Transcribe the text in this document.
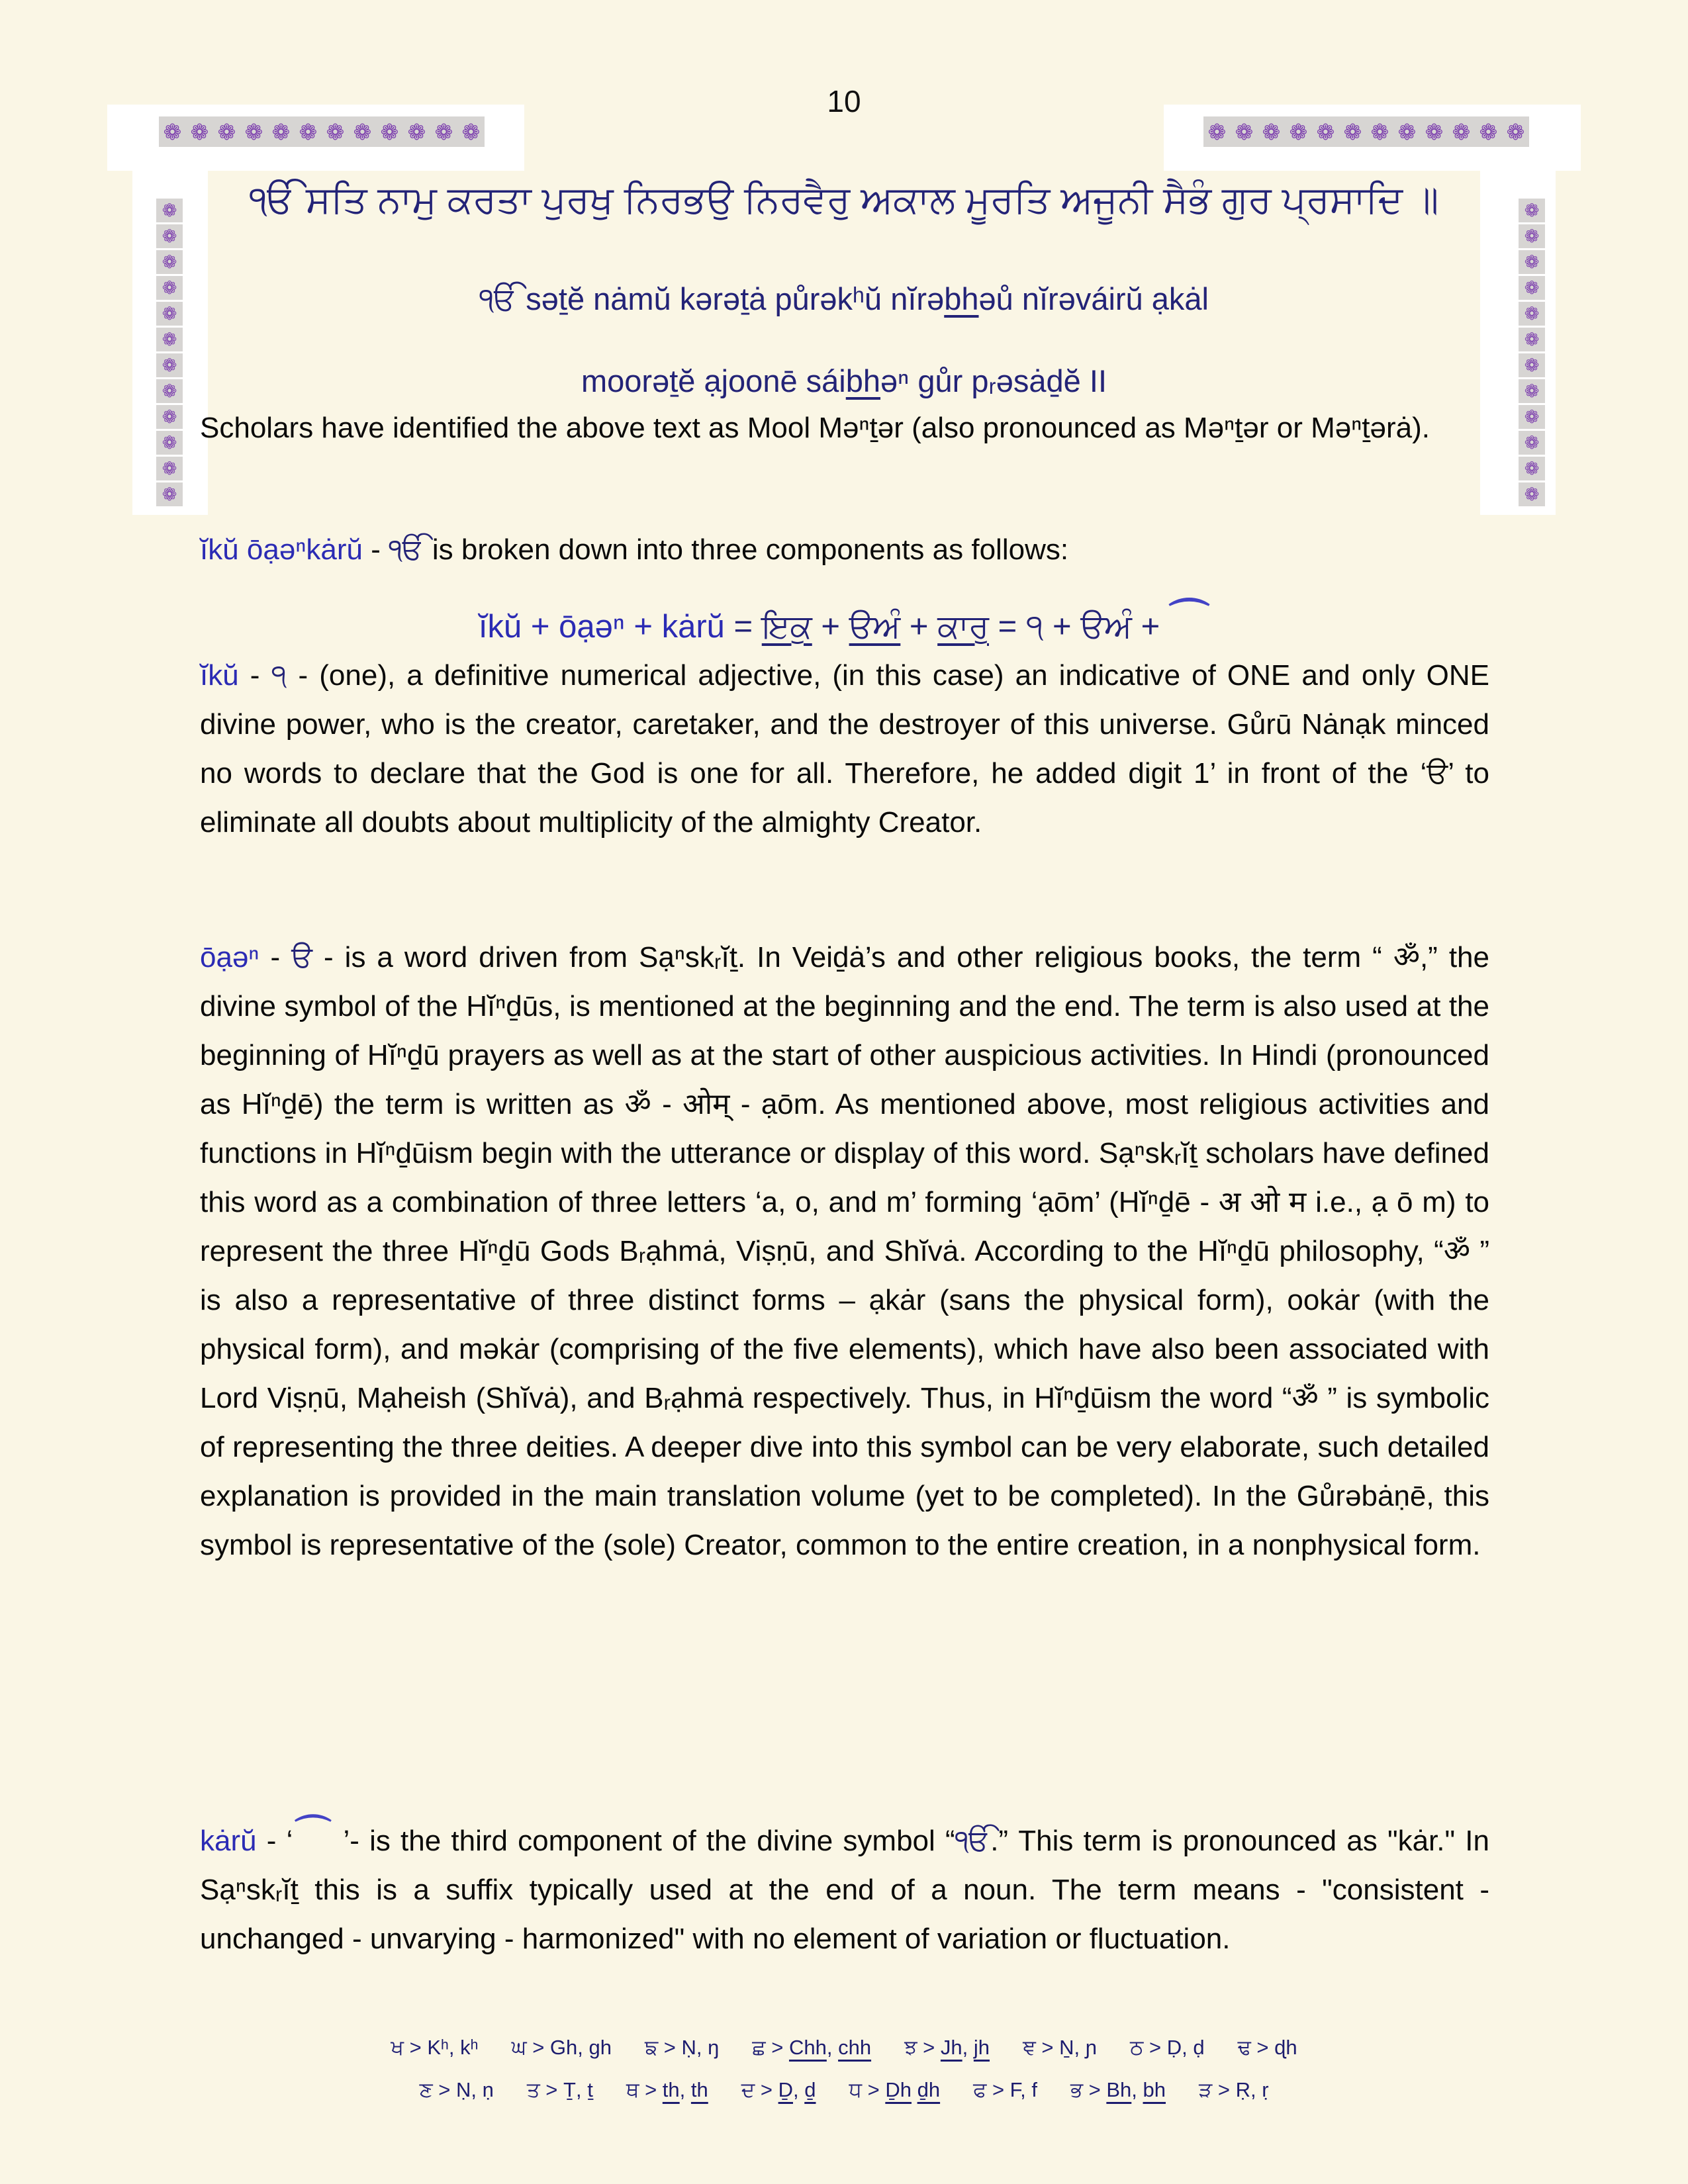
10
❁ ❁ ❁ ❁ ❁ ❁ ❁ ❁ ❁ ❁ ❁ ❁	❁ ❁ ❁ ❁ ❁ ❁ ❁ ❁ ❁ ❁ ❁ ❁
❁
❁
❁
❁
❁
❁
❁
❁
❁
❁
❁
❁
❁
❁
❁
❁
❁
❁
❁
❁
❁
❁
❁
❁
ੴ ਸਤਿ ਨਾਮੁ ਕਰਤਾ ਪੁਰਖੁ ਨਿਰਭਉ ਨਿਰਵੈਰੁ ਅਕਾਲ ਮੂਰਤਿ ਅਜੂਨੀ ਸੈਭੰ ਗੁਰ ਪ੍ਰਸਾਦਿ ॥
ੴ səṯĕ nȧmŭ kərəṯȧ půrəkʰŭ nĭrəbhəů nĭrəváirŭ ạkȧl
moorəṯĕ ạjoonē sáibhəⁿ gůr pᵣəsȧḏĕ II
Scholars have identified the above text as Mool Məⁿṯər (also pronounced as Məⁿṯər or Məⁿṯərȧ).
ĭkŭ ōạəⁿkȧrŭ - ੴ is broken down into three components as follows:
ĭkŭ + ōạəⁿ + kȧrŭ = ਇਕੁ + ੳਅੰ + ਕਾਰੁ = ੧ + ੳਅੰ + ⌒
ĭkŭ - ੧ - (one), a definitive numerical adjective, (in this case) an indicative of ONE and only ONE divine power, who is the creator, caretaker, and the destroyer of this universe. Gůrū Nȧnạk minced no words to declare that the God is one for all. Therefore, he added digit 1’ in front of the ‘ੳ’ to eliminate all doubts about multiplicity of the almighty Creator.
ōạəⁿ - ੳ - is a word driven from Sạⁿskᵣĭṯ. In Veiḏȧ’s and other religious books, the term “ ॐ,” the divine symbol of the Hĭⁿḏūs, is mentioned at the beginning and the end. The term is also used at the beginning of Hĭⁿḏū prayers as well as at the start of other auspicious activities. In Hindi (pronounced as Hĭⁿḏē) the term is written as ॐ - ओम् - ạōm. As mentioned above, most religious activities and functions in Hĭⁿḏūism begin with the utterance or display of this word. Sạⁿskᵣĭṯ scholars have defined this word as a combination of three letters ‘a, o, and m’ forming ‘ạōm’ (Hĭⁿḏē - अ ओ म i.e., ạ ō m) to represent the three Hĭⁿḏū Gods Bᵣạhmȧ, Viṣṇū, and Shĭvȧ. According to the Hĭⁿḏū philosophy, “ॐ ” is also a representative of three distinct forms – ạkȧr (sans the physical form), ookȧr (with the physical form), and məkȧr (comprising of the five elements), which have also been associated with Lord Viṣṇū, Mạheish (Shĭvȧ), and Bᵣạhmȧ respectively. Thus, in Hĭⁿḏūism the word “ॐ ” is symbolic of representing the three deities. A deeper dive into this symbol can be very elaborate, such detailed explanation is provided in the main translation volume (yet to be completed). In the Gůrəbȧṇē, this symbol is representative of the (sole) Creator, common to the entire creation, in a nonphysical form.
kȧrŭ - ‘⌒ ’- is the third component of the divine symbol “ੴ.” This term is pronounced as "kȧr." In Sạⁿskᵣĭṯ this is a suffix typically used at the end of a noun. The term means - "consistent - unchanged - unvarying - harmonized" with no element of variation or fluctuation.
ਖ > Kʰ, kʰ ਘ > Gh, gh ਙ > Ṇ, ŋ ਛ > Chh, chh ਝ > Jh, jh ਞ > Ṉ, ɲ ਠ > Ḍ, ḍ ਢ > ɖh
ਣ > Ṇ, ṇ ਤ > Ṯ, ṯ ਥ > th, th ਦ > Ḏ, ḏ ਧ > Ḏh ḏh ਫ > F, f ਭ > Bh, bh ੜ > Ṛ, ṛ
